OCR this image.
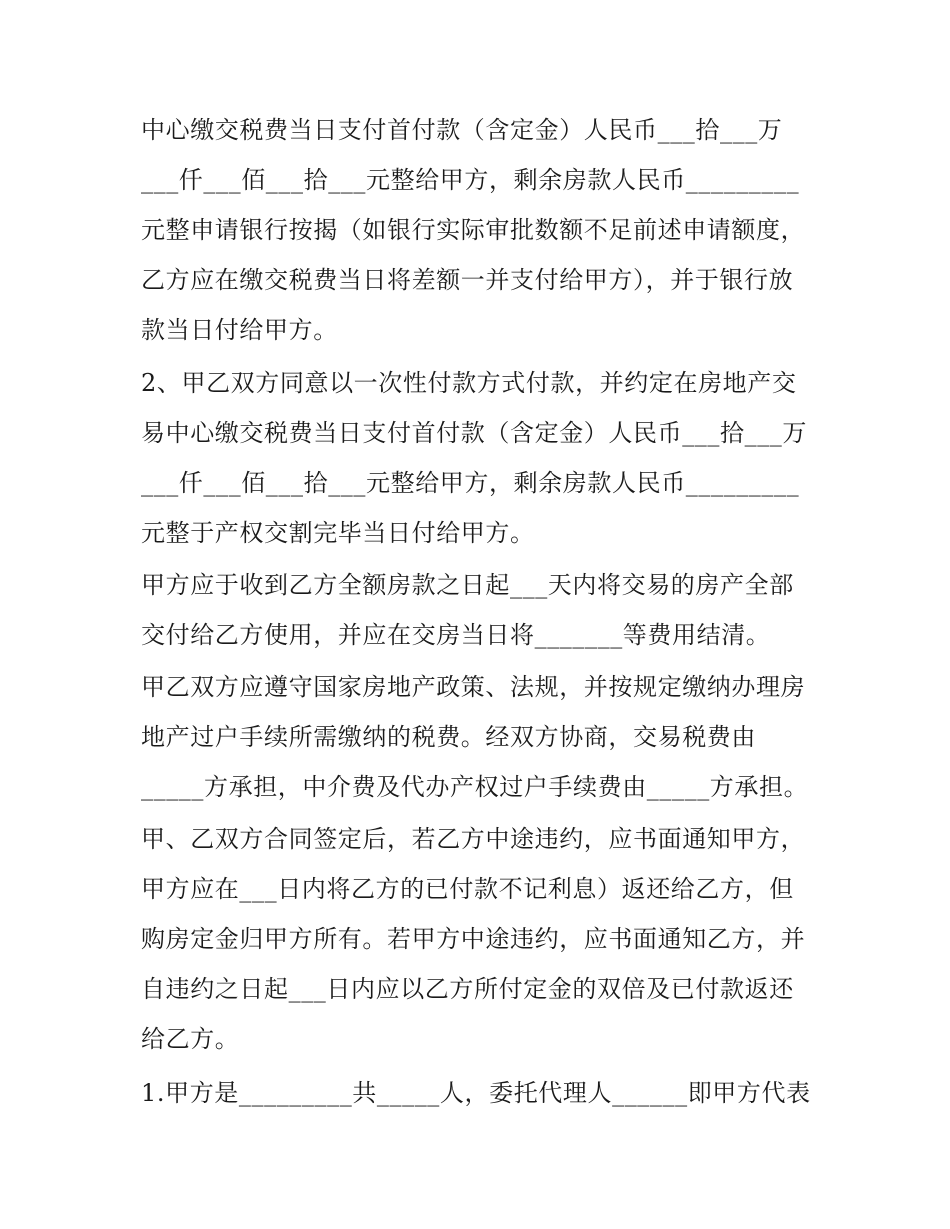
中心缴交税费当日支付首付款（含定金）人民币___拾___万
___仟___佰___拾___元整给甲方，剩余房款人民币_________
元整申请银行按揭（如银行实际审批数额不足前述申请额度，
乙方应在缴交税费当日将差额一并支付给甲方），并于银行放
款当日付给甲方。
2、甲乙双方同意以一次性付款方式付款，并约定在房地产交
易中心缴交税费当日支付首付款（含定金）人民币___拾___万
___仟___佰___拾___元整给甲方，剩余房款人民币_________
元整于产权交割完毕当日付给甲方。
甲方应于收到乙方全额房款之日起___天内将交易的房产全部
交付给乙方使用，并应在交房当日将_______等费用结清。
甲乙双方应遵守国家房地产政策、法规，并按规定缴纳办理房
地产过户手续所需缴纳的税费。经双方协商，交易税费由
_____方承担，中介费及代办产权过户手续费由_____方承担。
甲、乙双方合同签定后，若乙方中途违约，应书面通知甲方，
甲方应在___日内将乙方的已付款不记利息）返还给乙方，但
购房定金归甲方所有。若甲方中途违约，应书面通知乙方，并
自违约之日起___日内应以乙方所付定金的双倍及已付款返还
给乙方。
1.甲方是_________共_____人，委托代理人______即甲方代表
